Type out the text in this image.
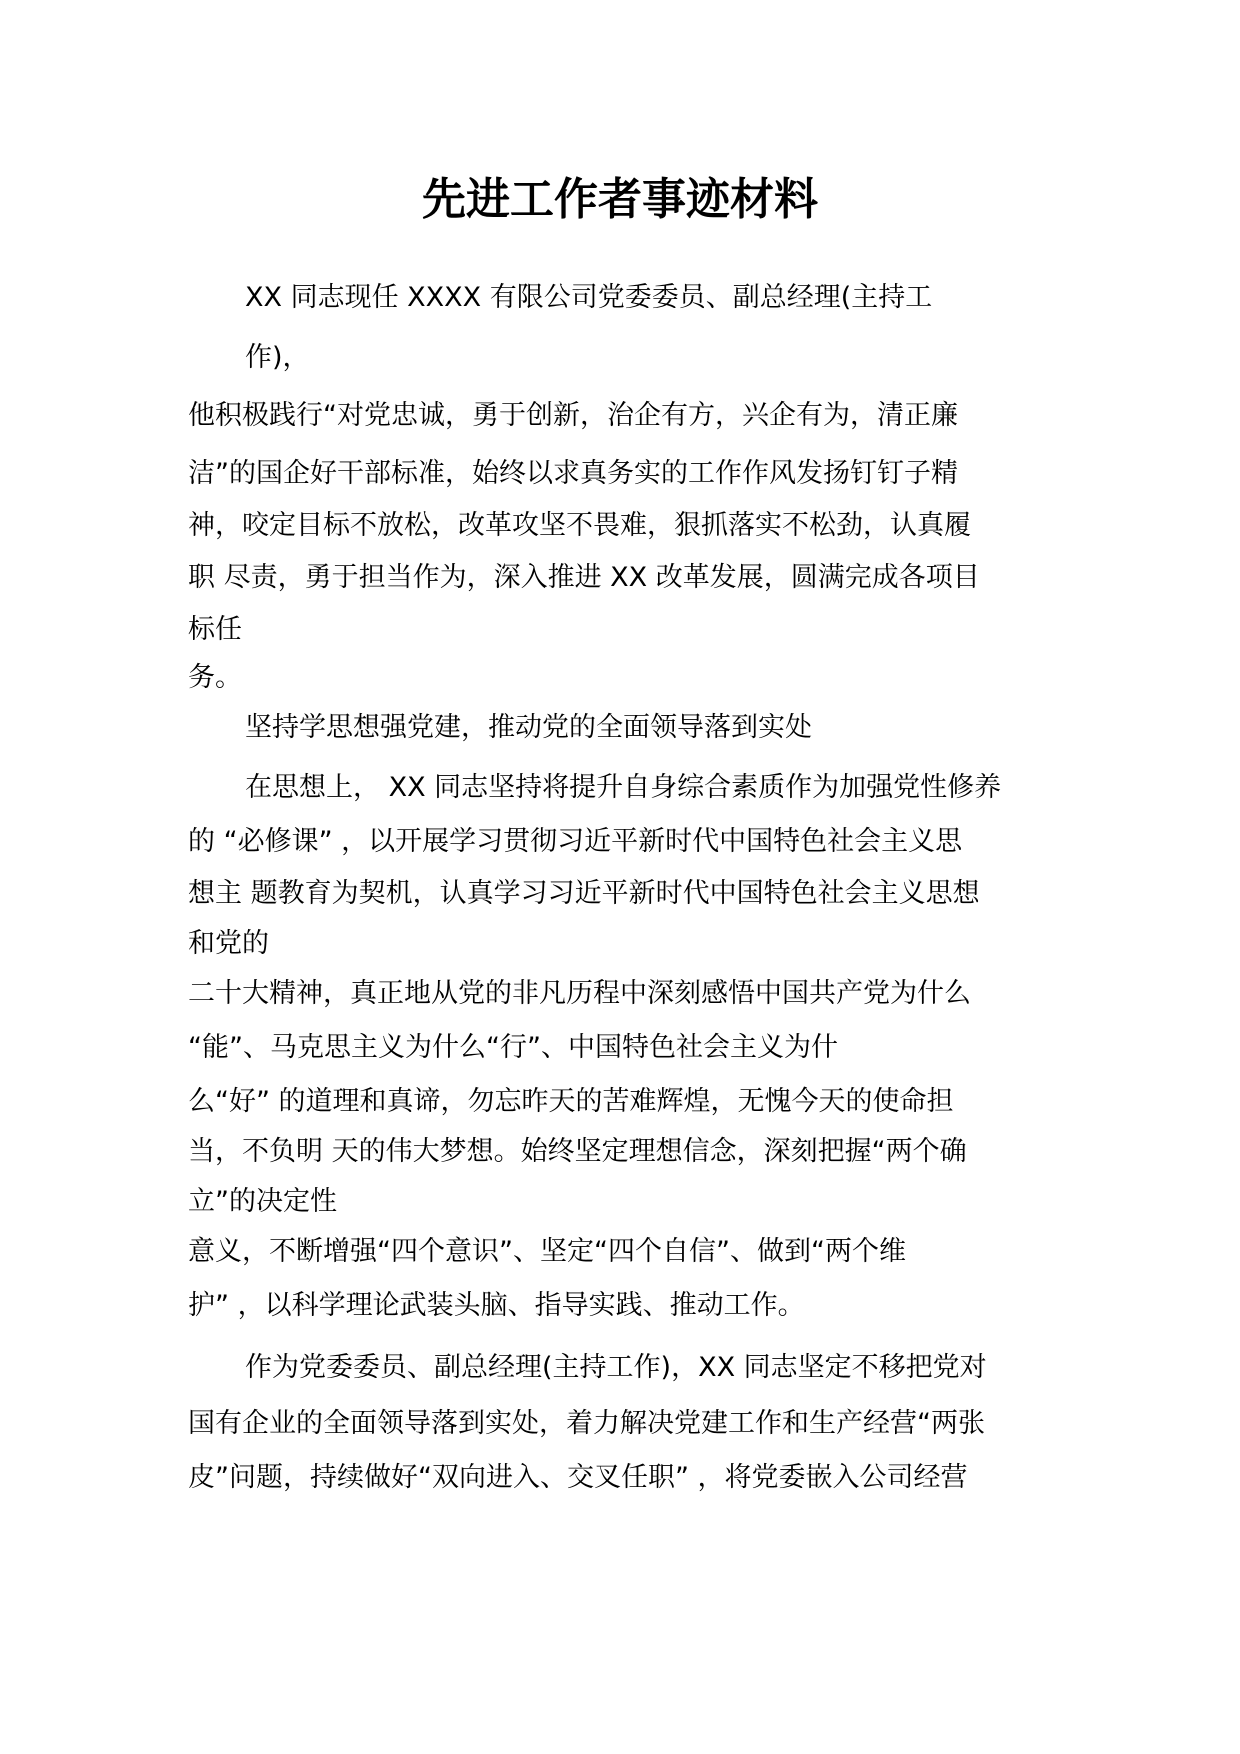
先进工作者事迹材料
XX 同志现任 XXXX 有限公司党委委员、副总经理(主持工
作)，
他积极践行“对党忠诚，勇于创新，治企有方，兴企有为，清正廉
洁”的国企好干部标准，始终以求真务实的工作作风发扬钉钉子精
神，咬定目标不放松，改革攻坚不畏难，狠抓落实不松劲，认真履
职 尽责，勇于担当作为，深入推进 XX 改革发展，圆满完成各项目
标任
务。
坚持学思想强党建，推动党的全面领导落到实处
在思想上， XX 同志坚持将提升自身综合素质作为加强党性修养
的 “必修课” ，以开展学习贯彻习近平新时代中国特色社会主义思
想主 题教育为契机，认真学习习近平新时代中国特色社会主义思想
和党的
二十大精神，真正地从党的非凡历程中深刻感悟中国共产党为什么
“能”、马克思主义为什么“行”、中国特色社会主义为什
么“好” 的道理和真谛，勿忘昨天的苦难辉煌，无愧今天的使命担
当，不负明 天的伟大梦想。始终坚定理想信念，深刻把握“两个确
立”的决定性
意义，不断增强“四个意识”、坚定“四个自信”、做到“两个维
护” ，以科学理论武装头脑、指导实践、推动工作。
作为党委委员、副总经理(主持工作)，XX 同志坚定不移把党对
国有企业的全面领导落到实处，着力解决党建工作和生产经营“两张
皮”问题，持续做好“双向进入、交叉任职” ，将党委嵌入公司经营
